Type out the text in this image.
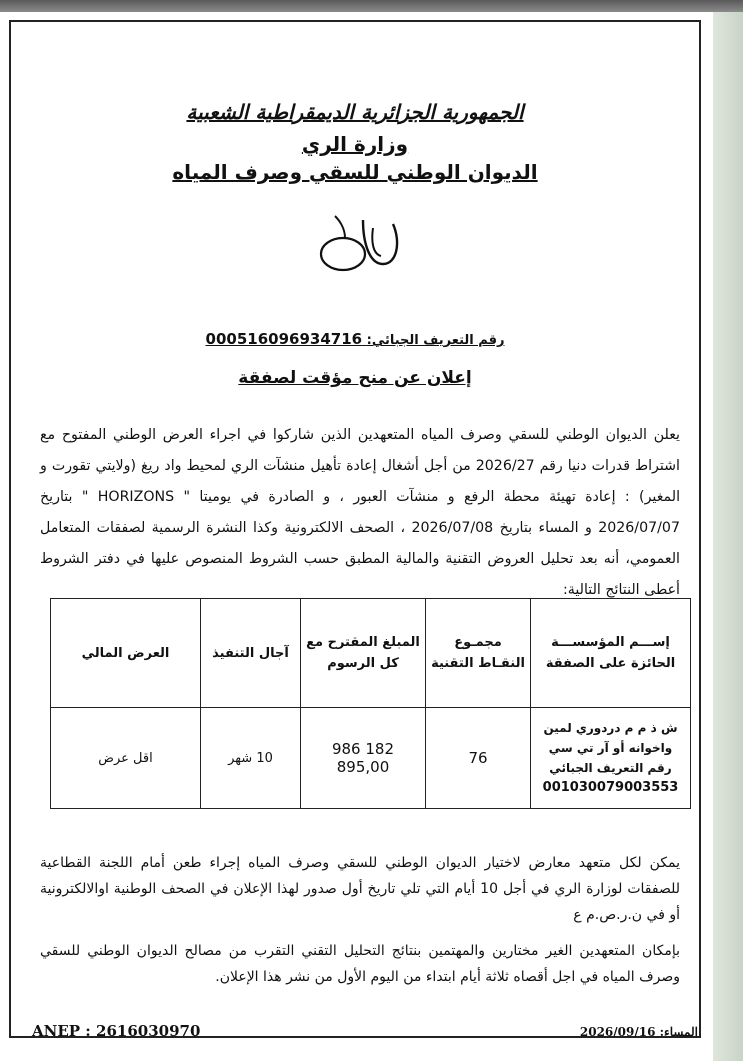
الجمهورية الجزائرية الديمقراطية الشعبية
وزارة الري
الديوان الوطني للسقي وصرف المياه
رقم التعريف الجبائي: 000516096934716
إعلان عن منح مؤقت لصفقة
يعلن الديوان الوطني للسقي وصرف المياه المتعهدين الذين شاركوا في اجراء العرض الوطني المفتوح مع اشتراط قدرات دنيا رقم 2026/27 من أجل أشغال إعادة تأهيل منشآت الري لمحيط واد ريغ (ولايتي تقورت و المغير) : إعادة تهيئة محطة الرفع و منشآت العبور ، و الصادرة في يوميتا " HORIZONS " بتاريخ 2026/07/07 و المساء بتاريخ 2026/07/08 ، الصحف الالكترونية وكذا النشرة الرسمية لصفقات المتعامل العمومي، أنه بعد تحليل العروض التقنية والمالية المطبق حسب الشروط المنصوص عليها في دفتر الشروط أعطى النتائج التالية:
إســـم المؤسســـة الحائزة على الصفقة	مجمـوع النقـاط التقنية	المبلغ المقترح مع كل الرسوم	آجال التنفيذ	العرض المالي
ش ذ م م دردوري لمين واخوانه أو آر تي سي
رقم التعريف الجبائي
001030079003553	76	182 986 895,00	10 شهر	اقل عرض
يمكن لكل متعهد معارض لاختيار الديوان الوطني للسقي وصرف المياه إجراء طعن أمام اللجنة القطاعية للصفقات لوزارة الري في أجل 10 أيام التي تلي تاريخ أول صدور لهذا الإعلان في الصحف الوطنية اوالالكترونية أو في ن.ر.ص.م ع
بإمكان المتعهدين الغير مختارين والمهتمين بنتائج التحليل التقني التقرب من مصالح الديوان الوطني للسقي وصرف المياه في اجل أقصاه ثلاثة أيام ابتداء من اليوم الأول من نشر هذا الإعلان.
ANEP : 2616030970	المساء: 2026/09/16
